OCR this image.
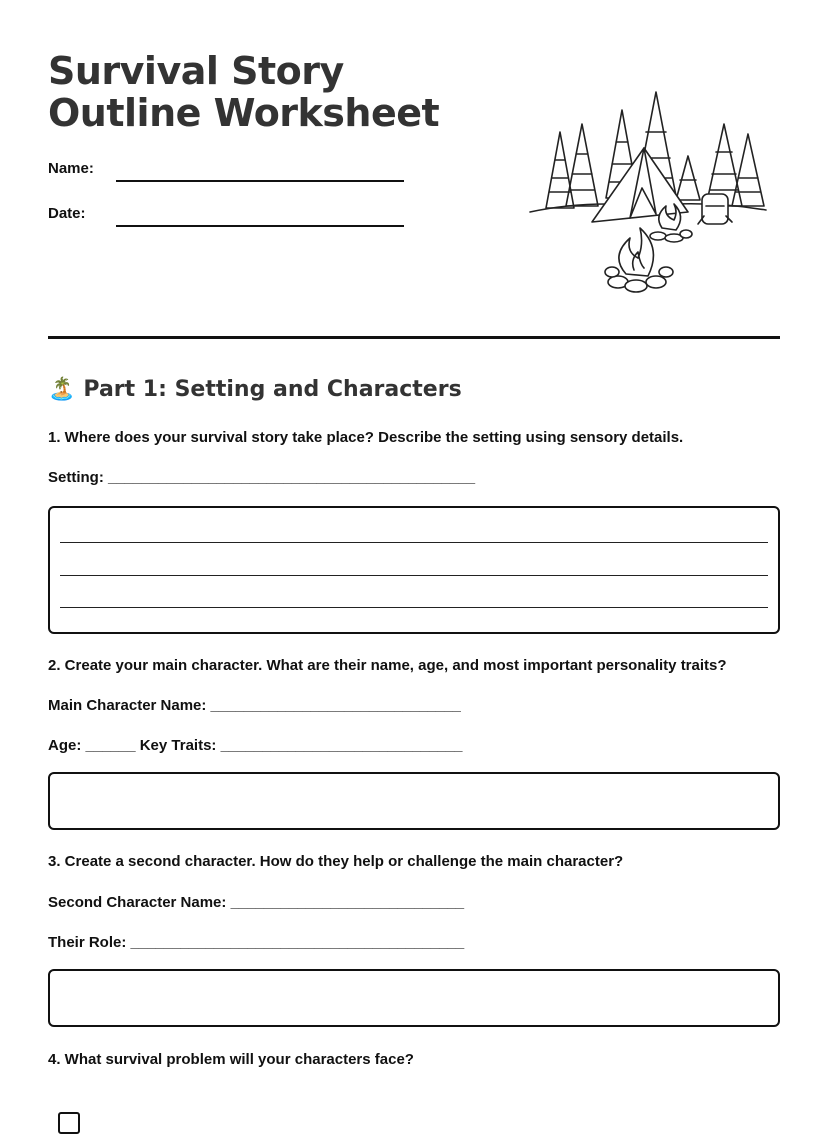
Survival Story Outline Worksheet
Name:
Date:
🏝️ Part 1: Setting and Characters
1. Where does your survival story take place? Describe the setting using sensory details.
Setting: ____________________________________________
2. Create your main character. What are their name, age, and most important personality traits?
Main Character Name: ______________________________
Age: ______ Key Traits: _____________________________
3. Create a second character. How do they help or challenge the main character?
Second Character Name: ____________________________
Their Role: ________________________________________
4. What survival problem will your characters face?
